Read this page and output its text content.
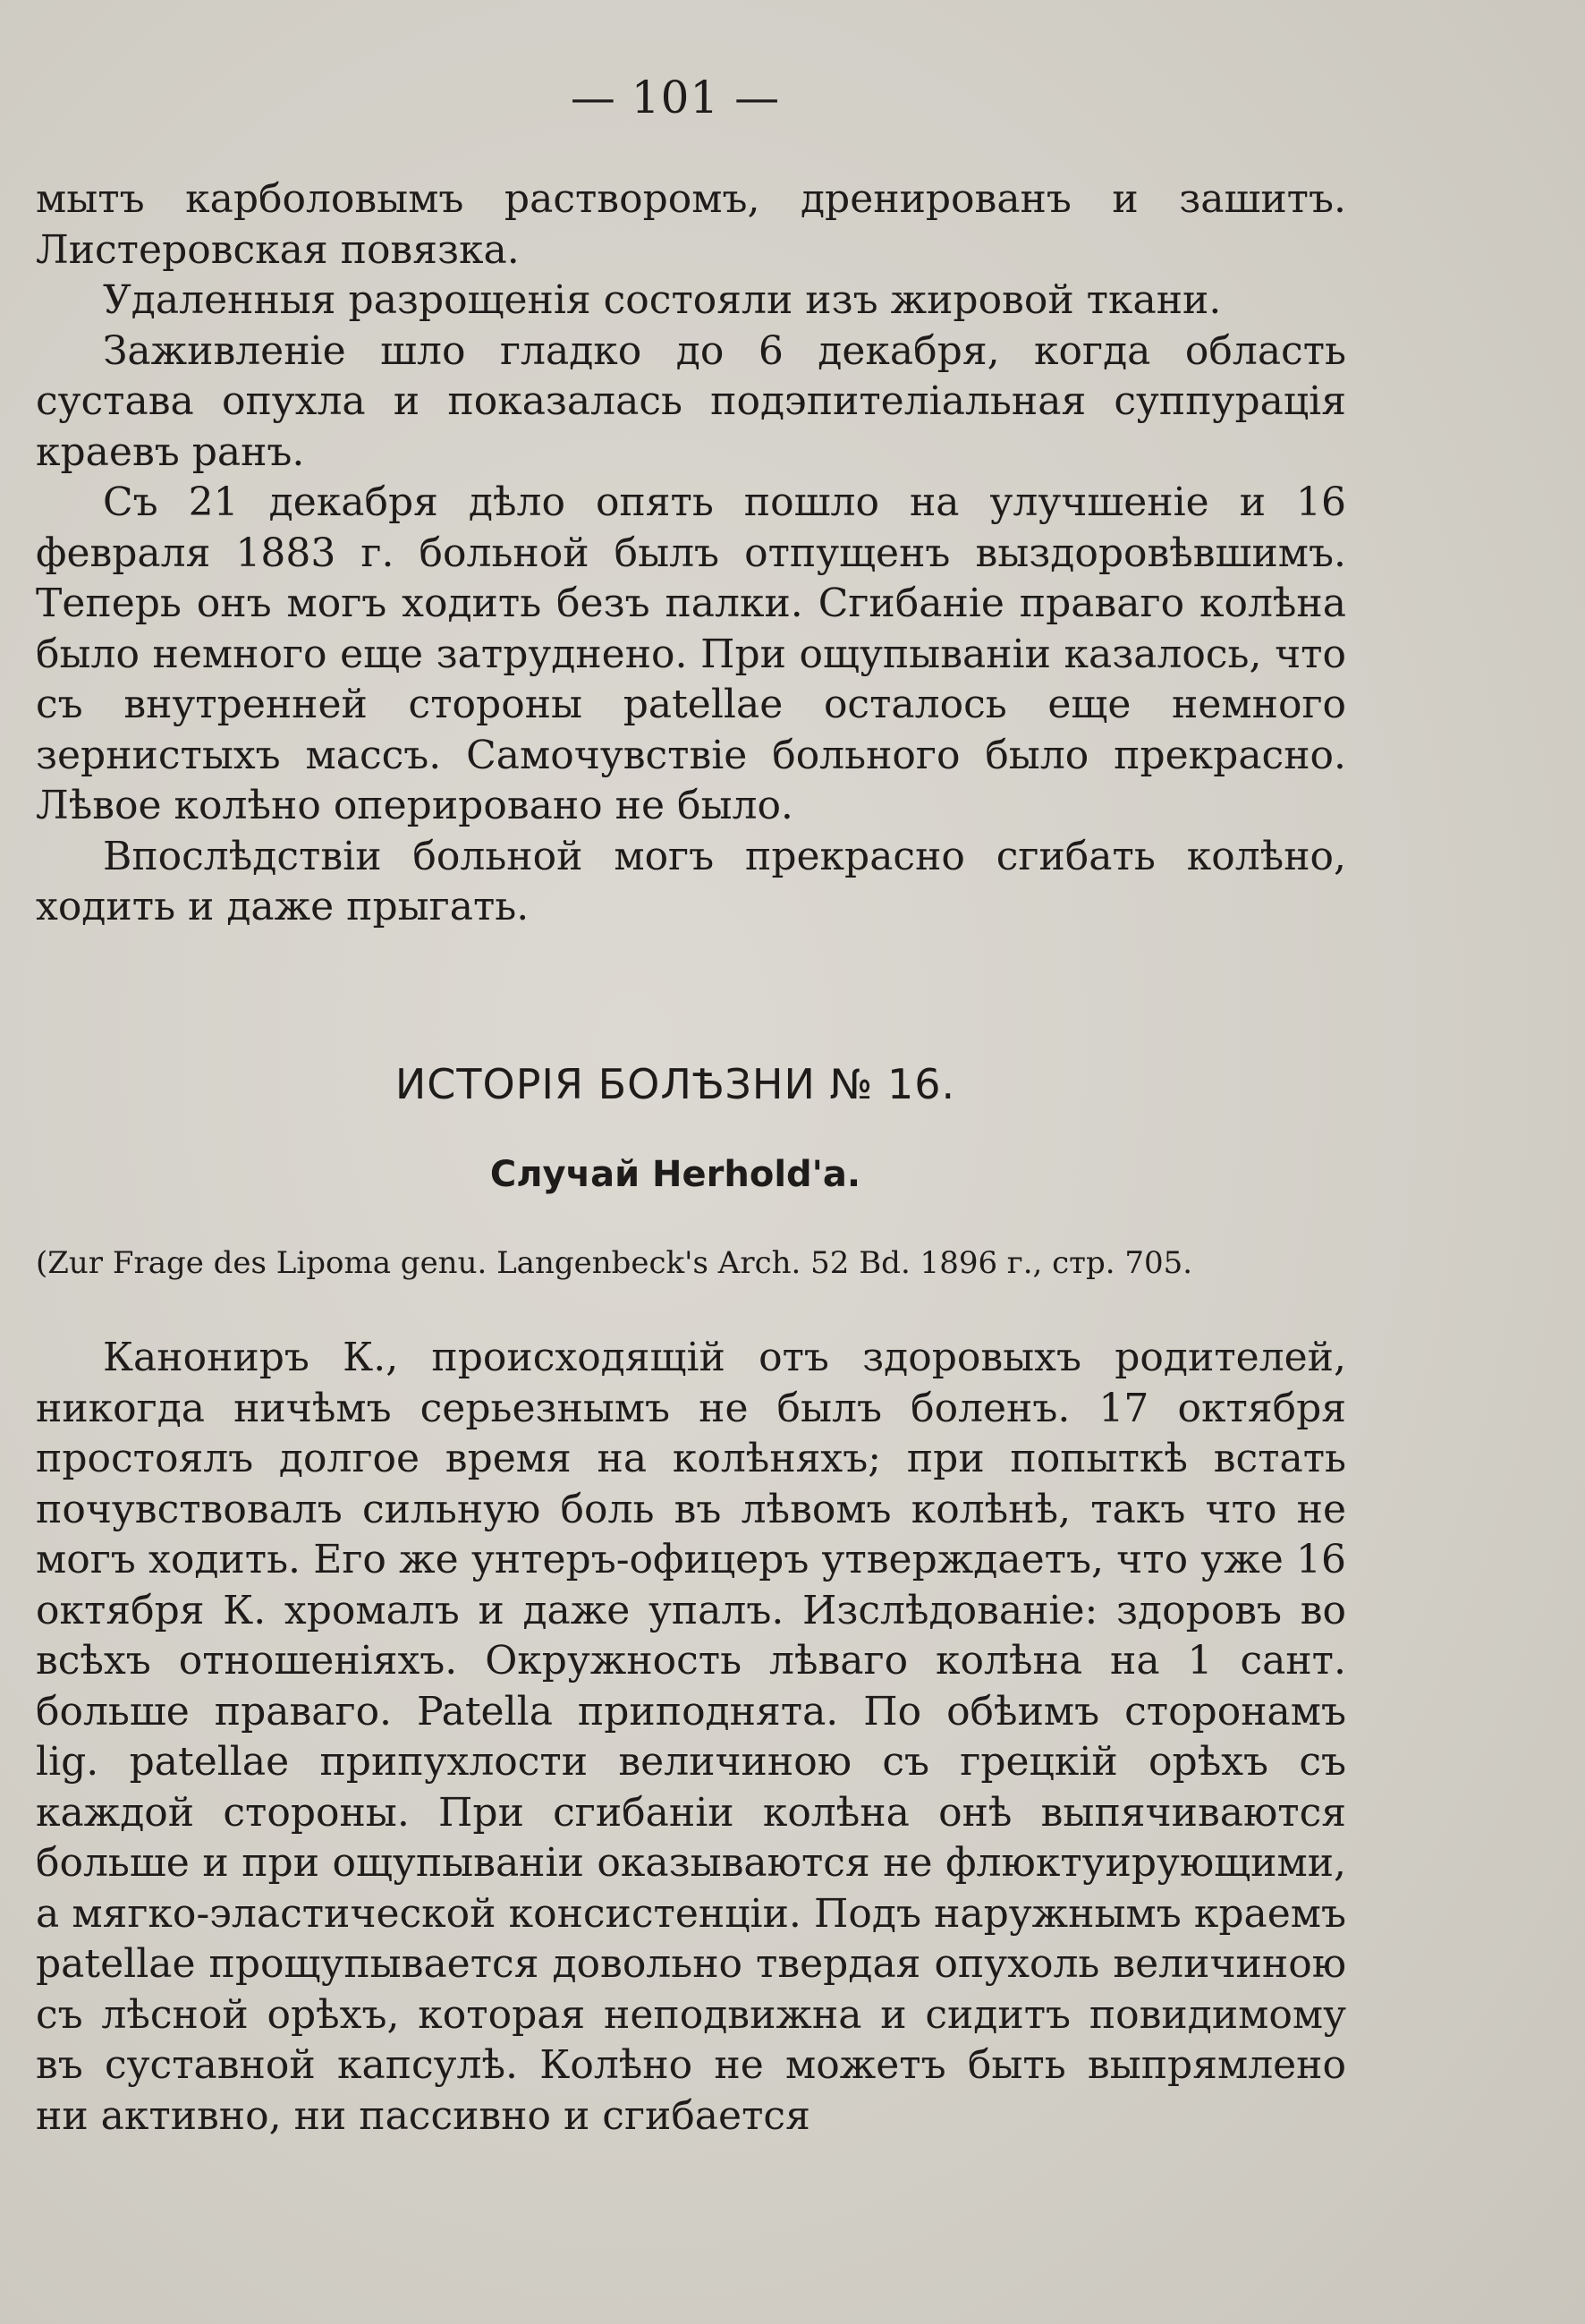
— 101 —

мытъ карболовымъ растворомъ, дренированъ и зашитъ. Листеровская повязка.

Удаленныя разрощенія состояли изъ жировой ткани.

Заживленіе шло гладко до 6 декабря, когда область сустава опухла и показалась подэпителіальная суппурація краевъ ранъ.

Съ 21 декабря дѣло опять пошло на улучшеніе и 16 февраля 1883 г. больной былъ отпущенъ выздоровѣвшимъ. Теперь онъ могъ ходить безъ палки. Сгибаніе праваго колѣна было немного еще затруднено. При ощупываніи казалось, что съ внутренней стороны patellae осталось еще немного зернистыхъ массъ. Самочувствіе больного было прекрасно. Лѣвое колѣно оперировано не было.

Впослѣдствіи больной могъ прекрасно сгибать колѣно, ходить и даже прыгать.

ИСТОРІЯ БОЛѢЗНИ № 16.
Случай Herhold'a.
(Zur Frage des Lipoma genu. Langenbeck's Arch. 52 Bd. 1896 г., стр. 705.

Канониръ К., происходящій отъ здоровыхъ родителей, никогда ничѣмъ серьезнымъ не былъ боленъ. 17 октября простоялъ долгое время на колѣняхъ; при попыткѣ встать почувствовалъ сильную боль въ лѣвомъ колѣнѣ, такъ что не могъ ходить. Его же унтеръ-офицеръ утверждаетъ, что уже 16 октября К. хромалъ и даже упалъ. Изслѣдованіе: здоровъ во всѣхъ отношеніяхъ. Окружность лѣваго колѣна на 1 сант. больше праваго. Patella приподнята. По обѣимъ сторонамъ lig. patellae припухлости величиною съ грецкій орѣхъ съ каждой стороны. При сгибаніи колѣна онѣ выпячиваются больше и при ощупываніи оказываются не флюктуирующими, а мягко-эластической консистенціи. Подъ наружнымъ краемъ patellae прощупывается довольно твердая опухоль величиною съ лѣсной орѣхъ, которая неподвижна и сидитъ повидимому въ суставной капсулѣ. Колѣно не можетъ быть выпрямлено ни активно, ни пассивно и сгибается
